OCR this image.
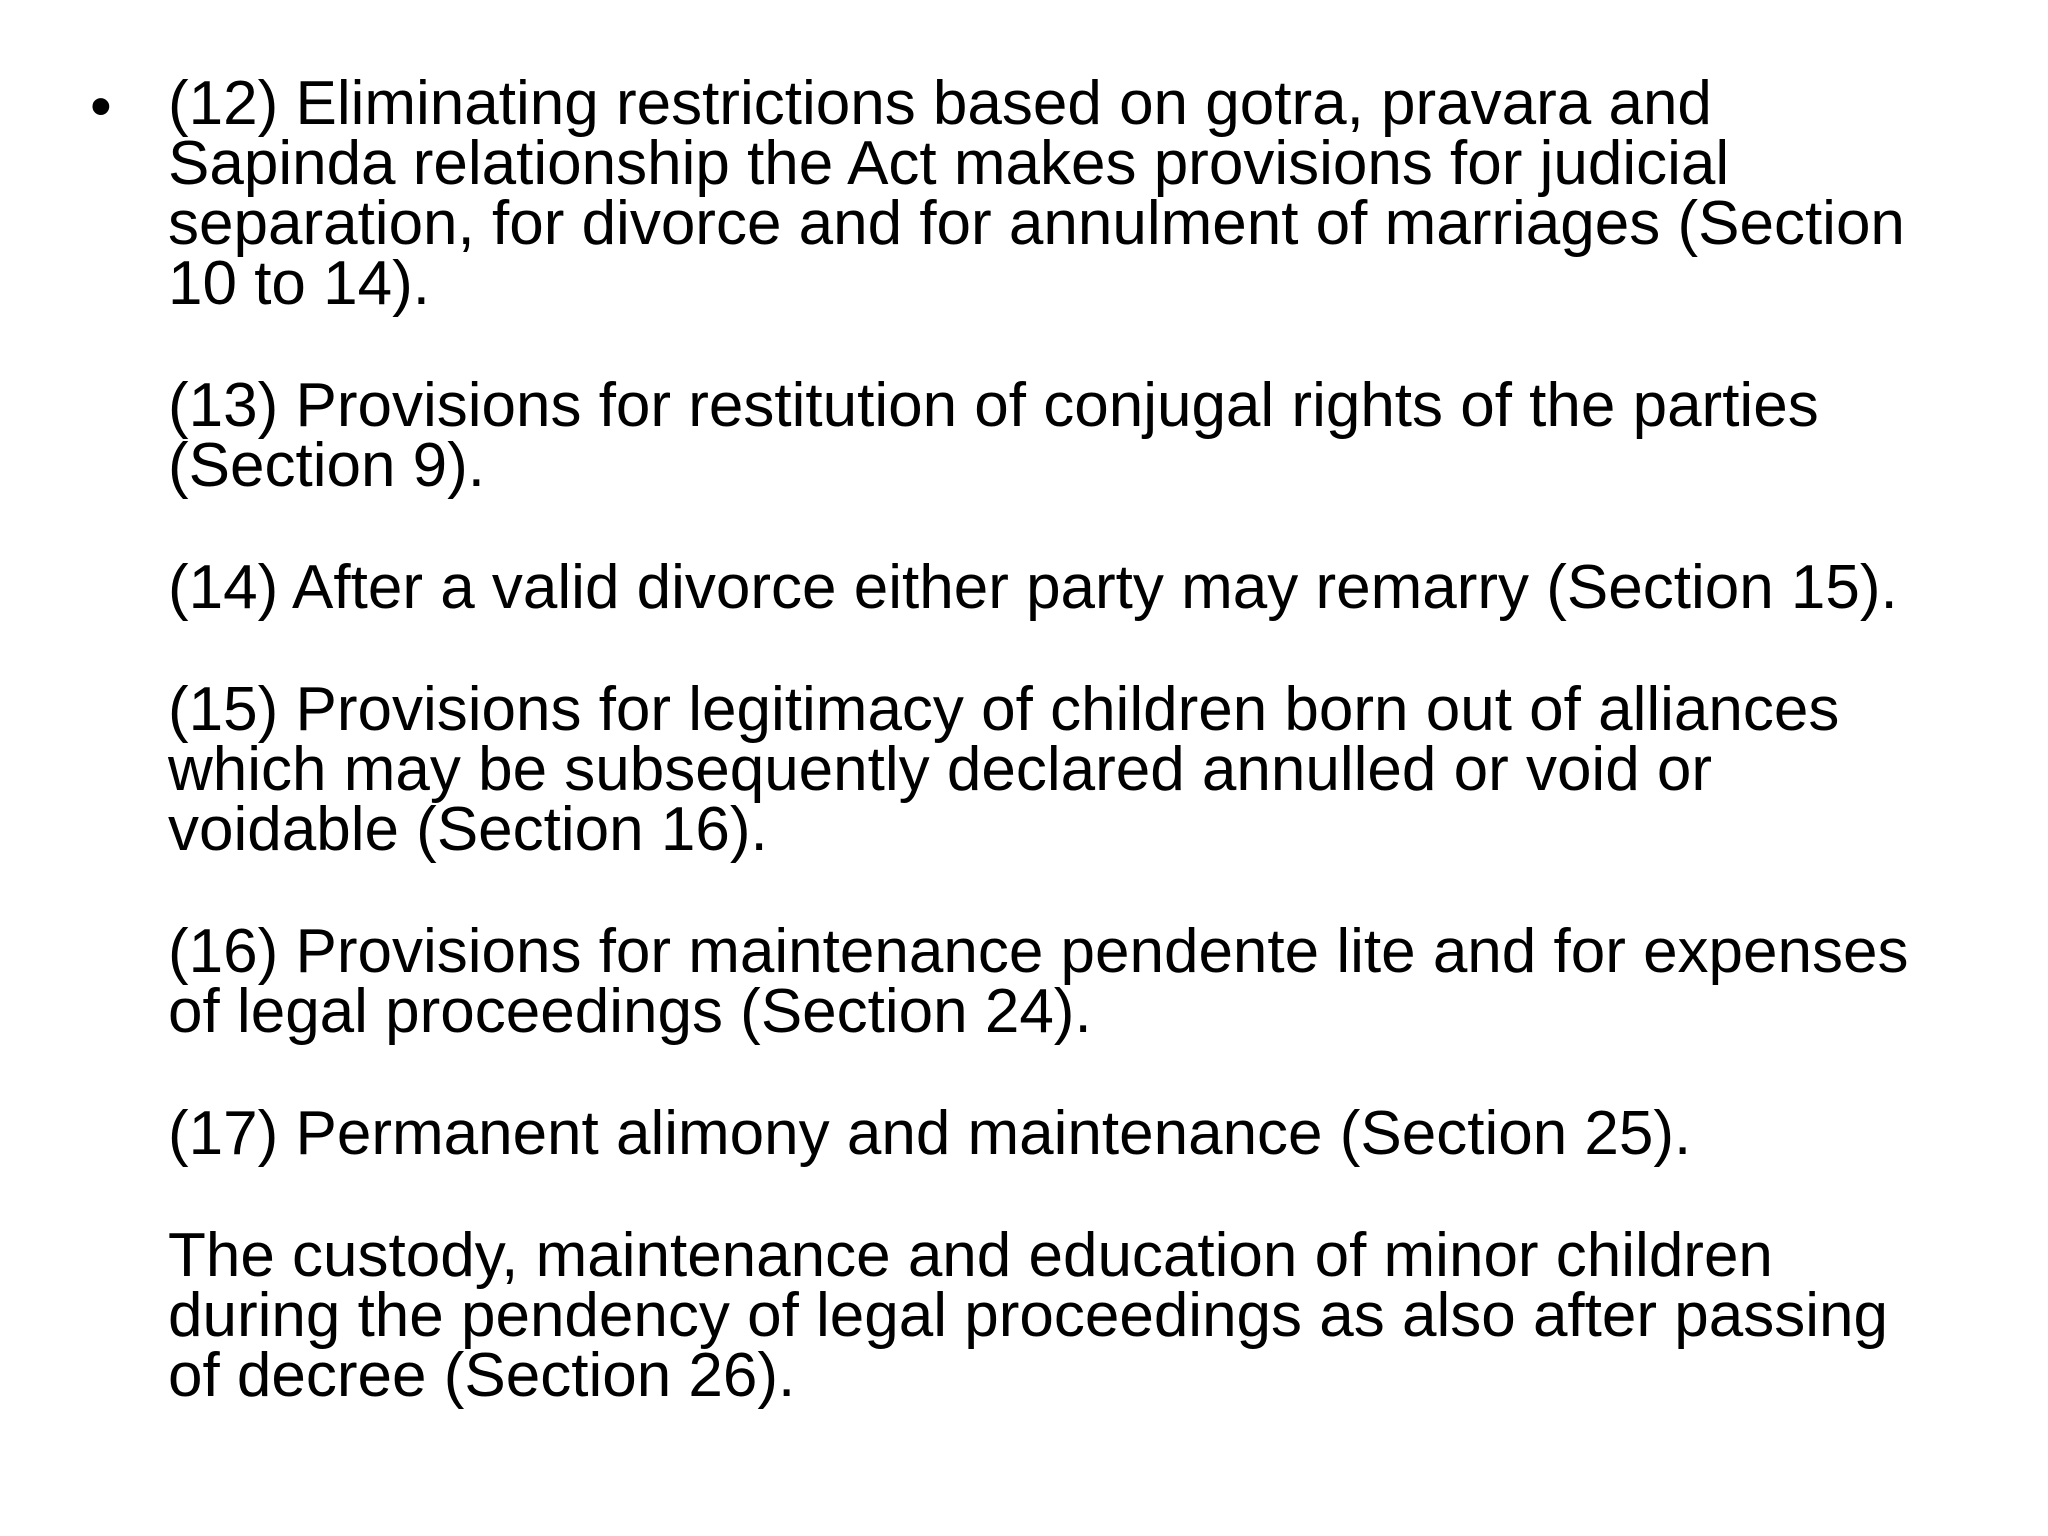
• (12) Eliminating restrictions based on gotra, pravara and
Sapinda relationship the Act makes provisions for judicial
separation, for divorce and for annulment of marriages (Section
10 to 14).
(13) Provisions for restitution of conjugal rights of the parties
(Section 9).
(14) After a valid divorce either party may remarry (Section 15).
(15) Provisions for legitimacy of children born out of alliances
which may be subsequently declared annulled or void or
voidable (Section 16).
(16) Provisions for maintenance pendente lite and for expenses
of legal proceedings (Section 24).
(17) Permanent alimony and maintenance (Section 25).
The custody, maintenance and education of minor children
during the pendency of legal proceedings as also after passing
of decree (Section 26).
